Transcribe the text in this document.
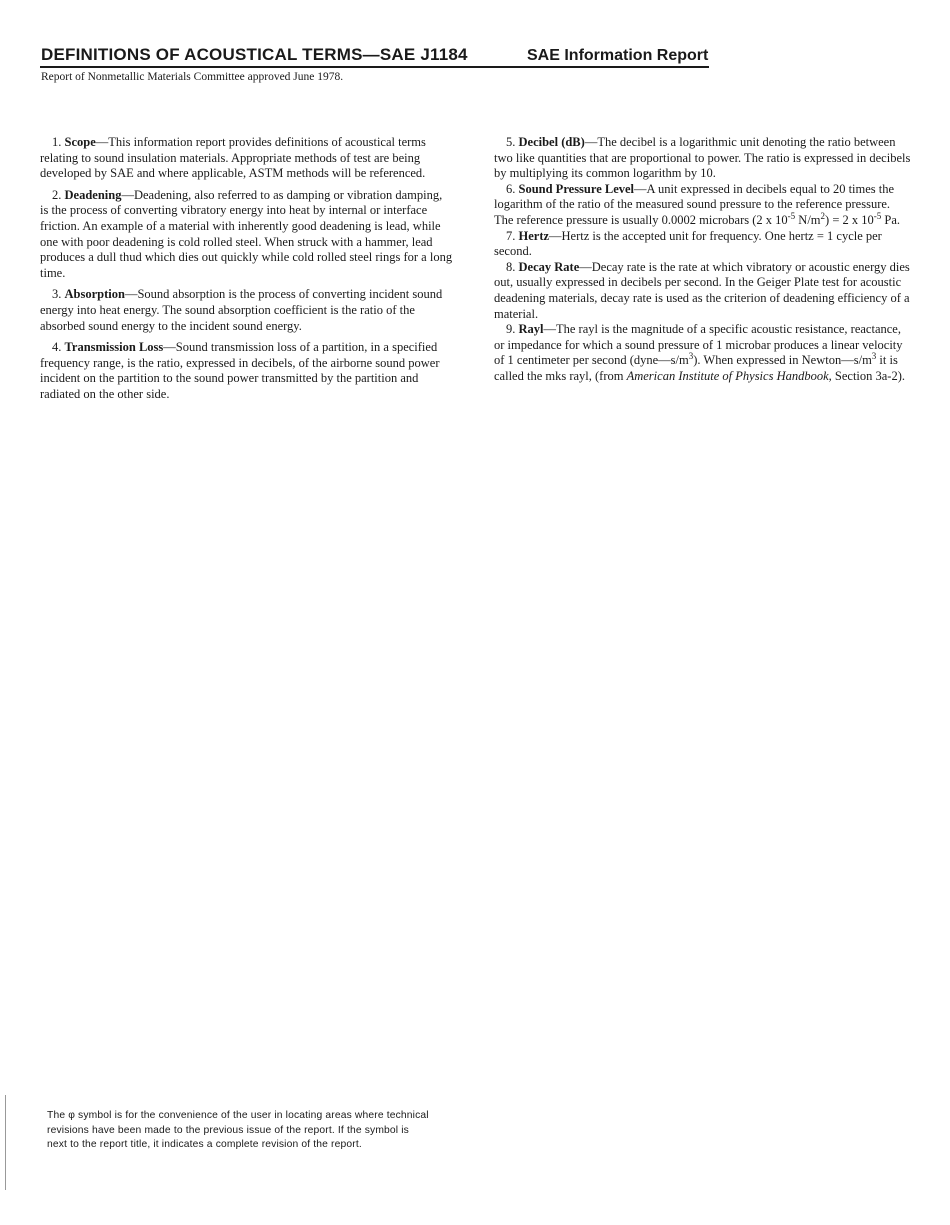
DEFINITIONS OF ACOUSTICAL TERMS—SAE J1184	SAE Information Report
Report of Nonmetallic Materials Committee approved June 1978.

1. Scope—This information report provides definitions of acoustical terms relating to sound insulation materials. Appropriate methods of test are being developed by SAE and where applicable, ASTM methods will be referenced.

2. Deadening—Deadening, also referred to as damping or vibration damping, is the process of converting vibratory energy into heat by internal or interface friction. An example of a material with inherently good deadening is lead, while one with poor deadening is cold rolled steel. When struck with a hammer, lead produces a dull thud which dies out quickly while cold rolled steel rings for a long time.

3. Absorption—Sound absorption is the process of converting incident sound energy into heat energy. The sound absorption coefficient is the ratio of the absorbed sound energy to the incident sound energy.

4. Transmission Loss—Sound transmission loss of a partition, in a specified frequency range, is the ratio, expressed in decibels, of the airborne sound power incident on the partition to the sound power transmitted by the partition and radiated on the other side.

5. Decibel (dB)—The decibel is a logarithmic unit denoting the ratio between two like quantities that are proportional to power. The ratio is expressed in decibels by multiplying its common logarithm by 10.

6. Sound Pressure Level—A unit expressed in decibels equal to 20 times the logarithm of the ratio of the measured sound pressure to the reference pressure. The reference pressure is usually 0.0002 microbars (2 x $10^{-5}$ $N/m^2) = 2$ x $10^{-5}$ Pa.

7. Hertz—Hertz is the accepted unit for frequency. One hertz = 1 cycle per second.

8. Decay Rate—Decay rate is the rate at which vibratory or acoustic energy dies out, usually expressed in decibels per second. In the Geiger Plate test for acoustic deadening materials, decay rate is used as the criterion of deadening efficiency of a material.

9. Rayl—The rayl is the magnitude of a specific acoustic resistance, reactance, or impedance for which a sound pressure of 1 microbar produces a linear velocity of 1 centimeter per second $(dyne—s/m^3)$. When expressed in $Newton—s/m^3$ it is called the mks rayl, (from American Institute of Physics Handbook, Section 3a-2).

The φ symbol is for the convenience of the user in locating areas where technical revisions have been made to the previous issue of the report. If the symbol is next to the report title, it indicates a complete revision of the report.
